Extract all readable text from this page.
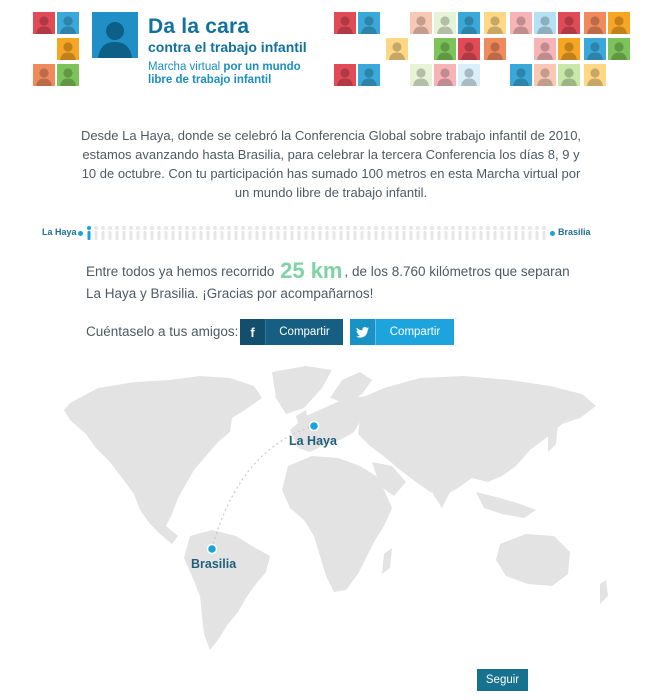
Da la cara
contra el trabajo infantil
Marcha virtual por un mundo
libre de trabajo infantil

Desde La Haya, donde se celebró la Conferencia Global sobre trabajo infantil de 2010, estamos avanzando hasta Brasilia, para celebrar la tercera Conferencia los días 8, 9 y 10 de octubre. Con tu participación has sumado 100 metros en esta Marcha virtual por un mundo libre de trabajo infantil.

La Haya	Brasilia

Entre todos ya hemos recorrido 25 km , de los 8.760 kilómetros que separan La Haya y Brasilia. ¡Gracias por acompañarnos!

Cuéntaselo a tus amigos: f	Compartir	Compartir
La Haya
Brasilia
Seguir
